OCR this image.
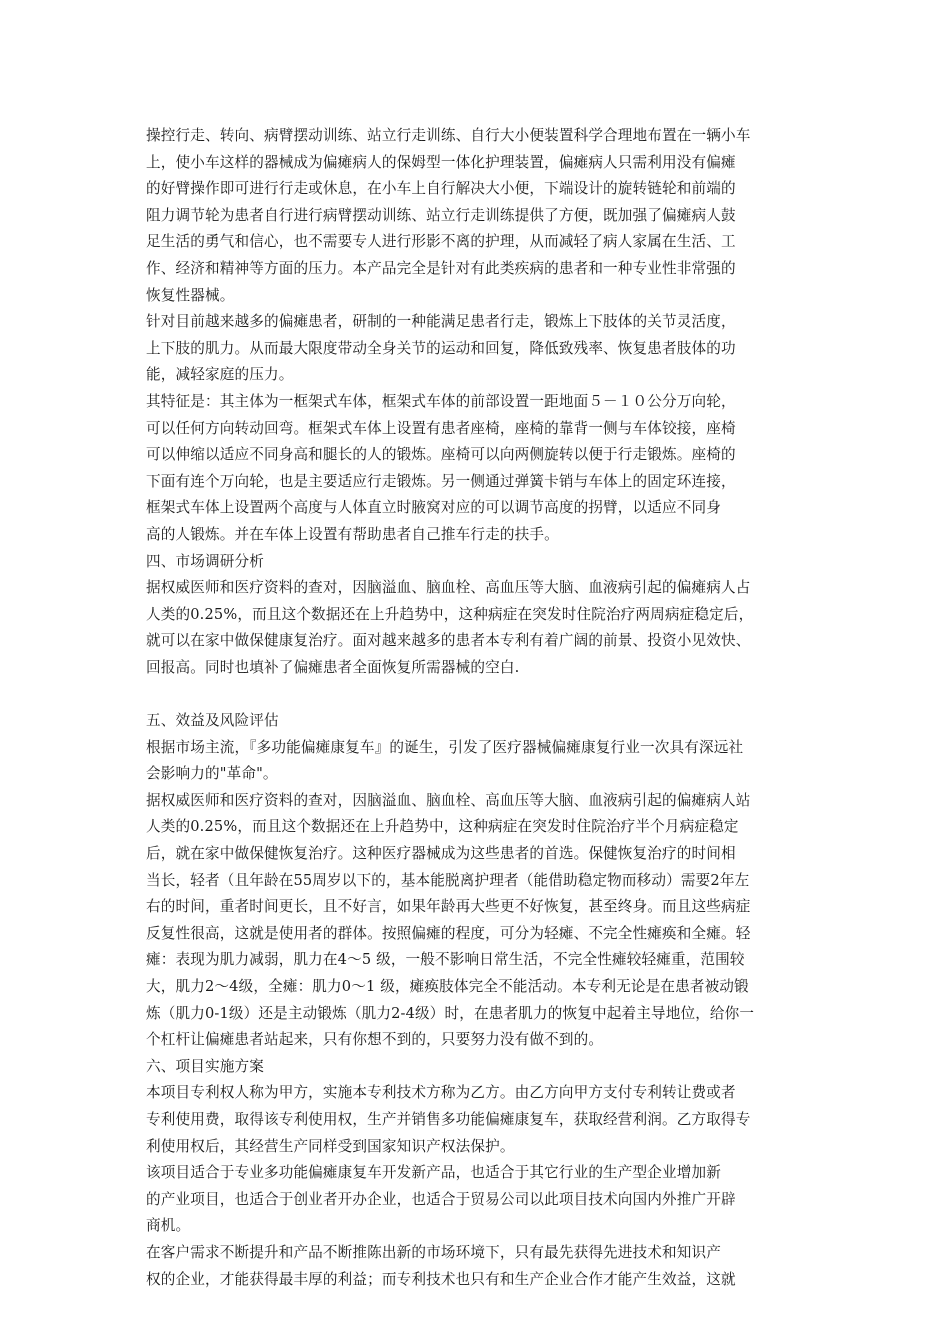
操控行走、转向、病臂摆动训练、站立行走训练、自行大小便装置科学合理地布置在一辆小车
上，使小车这样的器械成为偏瘫病人的保姆型一体化护理装置，偏瘫病人只需利用没有偏瘫
的好臂操作即可进行行走或休息，在小车上自行解决大小便，下端设计的旋转链轮和前端的
阻力调节轮为患者自行进行病臂摆动训练、站立行走训练提供了方便，既加强了偏瘫病人鼓
足生活的勇气和信心，也不需要专人进行形影不离的护理，从而减轻了病人家属在生活、工
作、经济和精神等方面的压力。本产品完全是针对有此类疾病的患者和一种专业性非常强的
恢复性器械。
针对目前越来越多的偏瘫患者，研制的一种能满足患者行走，锻炼上下肢体的关节灵活度，
上下肢的肌力。从而最大限度带动全身关节的运动和回复，降低致残率、恢复患者肢体的功
能，减轻家庭的压力。
其特征是：其主体为一框架式车体，框架式车体的前部设置一距地面５－１０公分万向轮，
可以任何方向转动回弯。框架式车体上设置有患者座椅，座椅的靠背一侧与车体铰接，座椅
可以伸缩以适应不同身高和腿长的人的锻炼。座椅可以向两侧旋转以便于行走锻炼。座椅的
下面有连个万向轮，也是主要适应行走锻炼。另一侧通过弹簧卡销与车体上的固定环连接，
框架式车体上设置两个高度与人体直立时腋窝对应的可以调节高度的拐臂，以适应不同身
高的人锻炼。并在车体上设置有帮助患者自己推车行走的扶手。
四、市场调研分析
据权威医师和医疗资料的查对，因脑溢血、脑血栓、高血压等大脑、血液病引起的偏瘫病人占
人类的0.25%，而且这个数据还在上升趋势中，这种病症在突发时住院治疗两周病症稳定后，
就可以在家中做保健康复治疗。面对越来越多的患者本专利有着广阔的前景、投资小见效快、
回报高。同时也填补了偏瘫患者全面恢复所需器械的空白.
五、效益及风险评估
根据市场主流，『多功能偏瘫康复车』的诞生，引发了医疗器械偏瘫康复行业一次具有深远社
会影响力的"革命"。
据权威医师和医疗资料的查对，因脑溢血、脑血栓、高血压等大脑、血液病引起的偏瘫病人站
人类的0.25%，而且这个数据还在上升趋势中，这种病症在突发时住院治疗半个月病症稳定
后，就在家中做保健恢复治疗。这种医疗器械成为这些患者的首选。保健恢复治疗的时间相
当长，轻者（且年龄在55周岁以下的，基本能脱离护理者（能借助稳定物而移动）需要2年左
右的时间，重者时间更长，且不好言，如果年龄再大些更不好恢复，甚至终身。而且这些病症
反复性很高，这就是使用者的群体。按照偏瘫的程度，可分为轻瘫、不完全性瘫痪和全瘫。轻
瘫：表现为肌力减弱，肌力在4～5 级，一般不影响日常生活，不完全性瘫较轻瘫重，范围较
大，肌力2～4级，全瘫：肌力0～1 级，瘫痪肢体完全不能活动。本专利无论是在患者被动锻
炼（肌力0-1级）还是主动锻炼（肌力2-4级）时，在患者肌力的恢复中起着主导地位，给你一
个杠杆让偏瘫患者站起来，只有你想不到的，只要努力没有做不到的。
六、项目实施方案
本项目专利权人称为甲方，实施本专利技术方称为乙方。由乙方向甲方支付专利转让费或者
专利使用费，取得该专利使用权，生产并销售多功能偏瘫康复车，获取经营利润。乙方取得专
利使用权后，其经营生产同样受到国家知识产权法保护。
该项目适合于专业多功能偏瘫康复车开发新产品，也适合于其它行业的生产型企业增加新
的产业项目，也适合于创业者开办企业，也适合于贸易公司以此项目技术向国内外推广开辟
商机。
在客户需求不断提升和产品不断推陈出新的市场环境下，只有最先获得先进技术和知识产
权的企业，才能获得最丰厚的利益；而专利技术也只有和生产企业合作才能产生效益，这就
